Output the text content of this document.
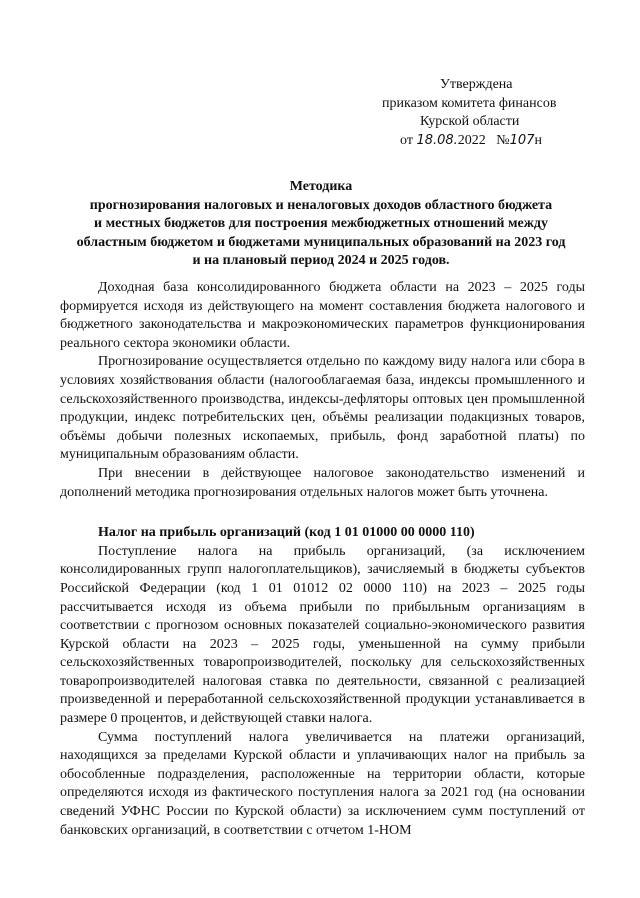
Утверждена
приказом комитета финансов
Курской области
от 18.08.2022 №107н
Методика
прогнозирования налоговых и неналоговых доходов областного бюджета
и местных бюджетов для построения межбюджетных отношений между
областным бюджетом и бюджетами муниципальных образований на 2023 год
и на плановый период 2024 и 2025 годов.

Доходная база консолидированного бюджета области на 2023 – 2025 годы формируется исходя из действующего на момент составления бюджета налогового и бюджетного законодательства и макроэкономических параметров функционирования реального сектора экономики области.

Прогнозирование осуществляется отдельно по каждому виду налога или сбора в условиях хозяйствования области (налогооблагаемая база, индексы промышленного и сельскохозяйственного производства, индексы-дефляторы оптовых цен промышленной продукции, индекс потребительских цен, объёмы реализации подакцизных товаров, объёмы добычи полезных ископаемых, прибыль, фонд заработной платы) по муниципальным образованиям области.

При внесении в действующее налоговое законодательство изменений и дополнений методика прогнозирования отдельных налогов может быть уточнена.

Налог на прибыль организаций (код 1 01 01000 00 0000 110)

Поступление налога на прибыль организаций, (за исключением консолидированных групп налогоплательщиков), зачисляемый в бюджеты субъектов Российской Федерации (код 1 01 01012 02 0000 110) на 2023 – 2025 годы рассчитывается исходя из объема прибыли по прибыльным организациям в соответствии с прогнозом основных показателей социально-экономического развития Курской области на 2023 – 2025 годы, уменьшенной на сумму прибыли сельскохозяйственных товаропроизводителей, поскольку для сельскохозяйственных товаропроизводителей налоговая ставка по деятельности, связанной с реализацией произведенной и переработанной сельскохозяйственной продукции устанавливается в размере 0 процентов, и действующей ставки налога.

Сумма поступлений налога увеличивается на платежи организаций, находящихся за пределами Курской области и уплачивающих налог на прибыль за обособленные подразделения, расположенные на территории области, которые определяются исходя из фактического поступления налога за 2021 год (на основании сведений УФНС России по Курской области) за исключением сумм поступлений от банковских организаций, в соответствии с отчетом 1-НОМ
